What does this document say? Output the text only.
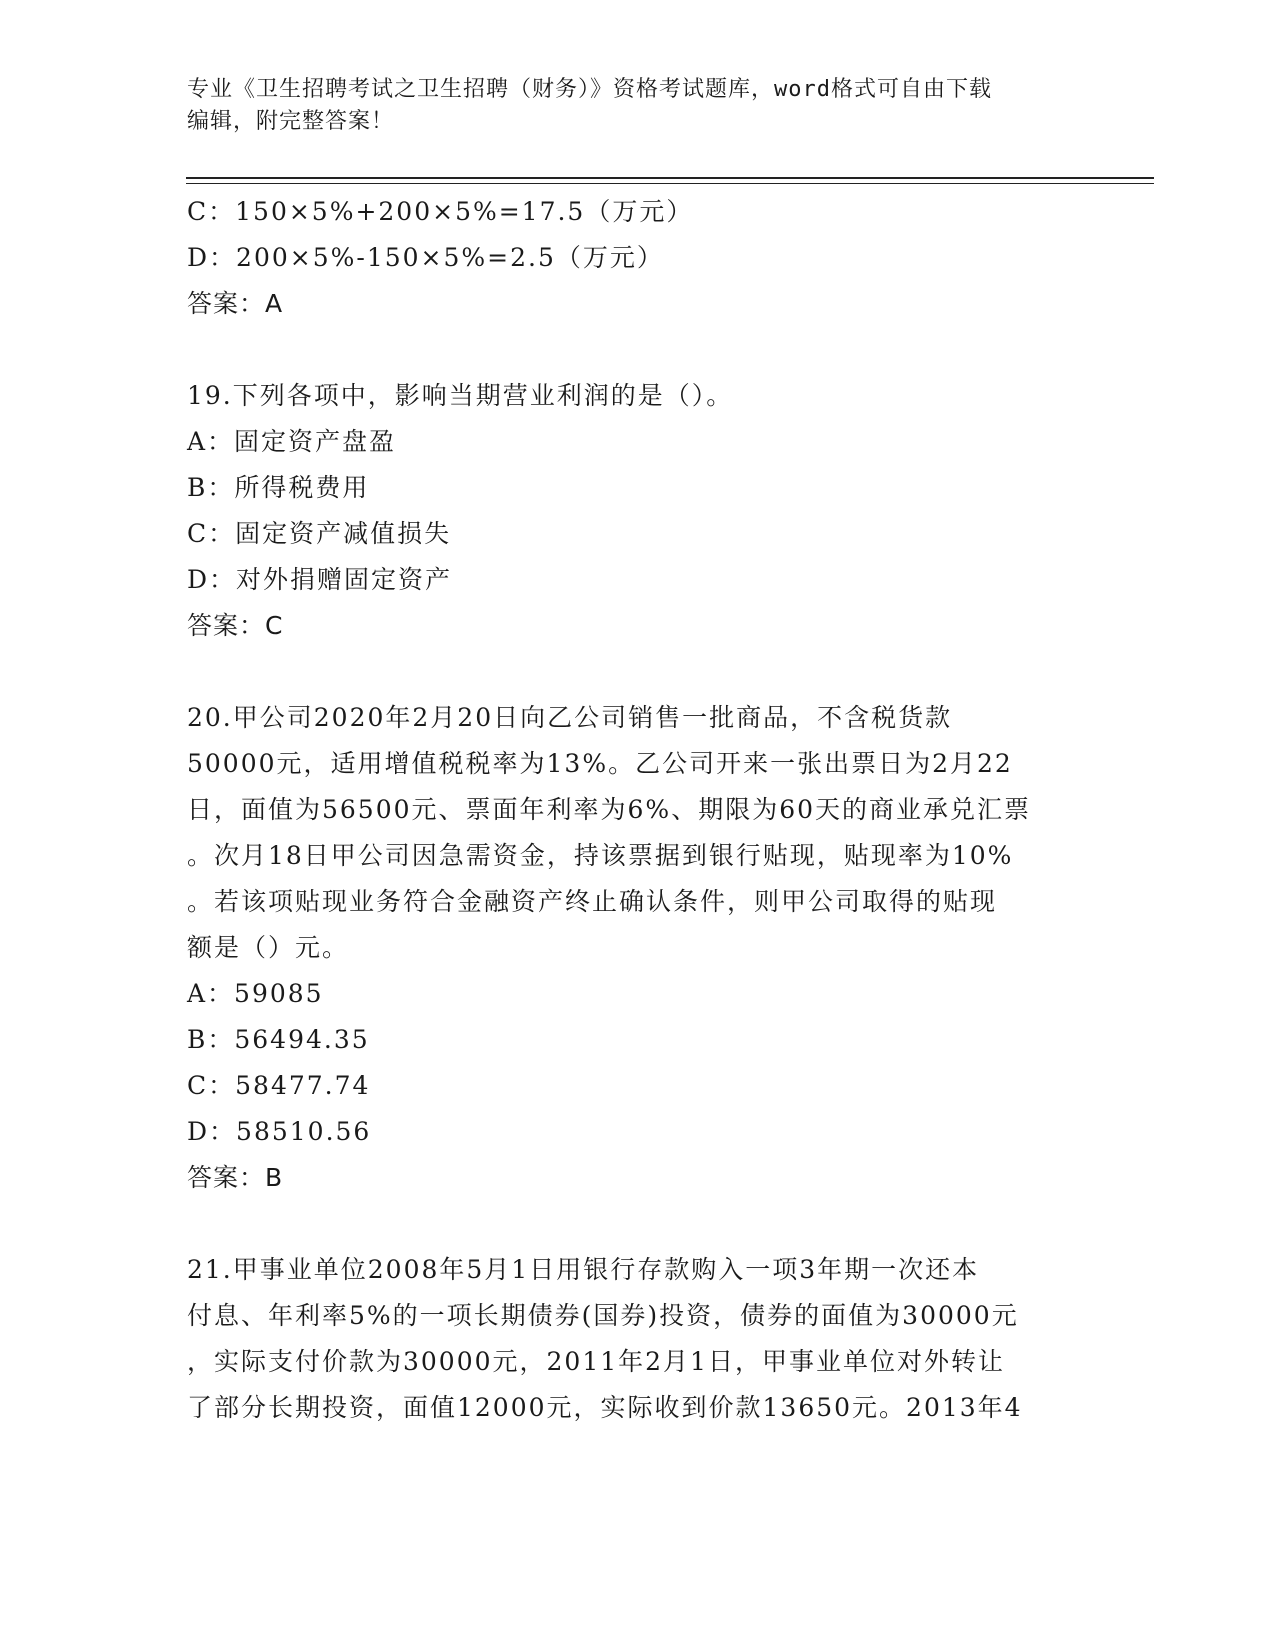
专业《卫生招聘考试之卫生招聘（财务）》资格考试题库，word格式可自由下载
编辑，附完整答案！
C：150×5%+200×5%=17.5（万元）
D：200×5%-150×5%=2.5（万元）
答案：A
19.下列各项中，影响当期营业利润的是（）。
A：固定资产盘盈
B：所得税费用
C：固定资产减值损失
D：对外捐赠固定资产
答案：C
20.甲公司2020年2月20日向乙公司销售一批商品，不含税货款
50000元，适用增值税税率为13%。乙公司开来一张出票日为2月22
日，面值为56500元、票面年利率为6%、期限为60天的商业承兑汇票
。次月18日甲公司因急需资金，持该票据到银行贴现，贴现率为10%
。若该项贴现业务符合金融资产终止确认条件，则甲公司取得的贴现
额是（）元。
A：59085
B：56494.35
C：58477.74
D：58510.56
答案：B
21.甲事业单位2008年5月1日用银行存款购入一项3年期一次还本
付息、年利率5%的一项长期债券(国券)投资，债券的面值为30000元
，实际支付价款为30000元，2011年2月1日，甲事业单位对外转让
了部分长期投资，面值12000元，实际收到价款13650元。2013年4
